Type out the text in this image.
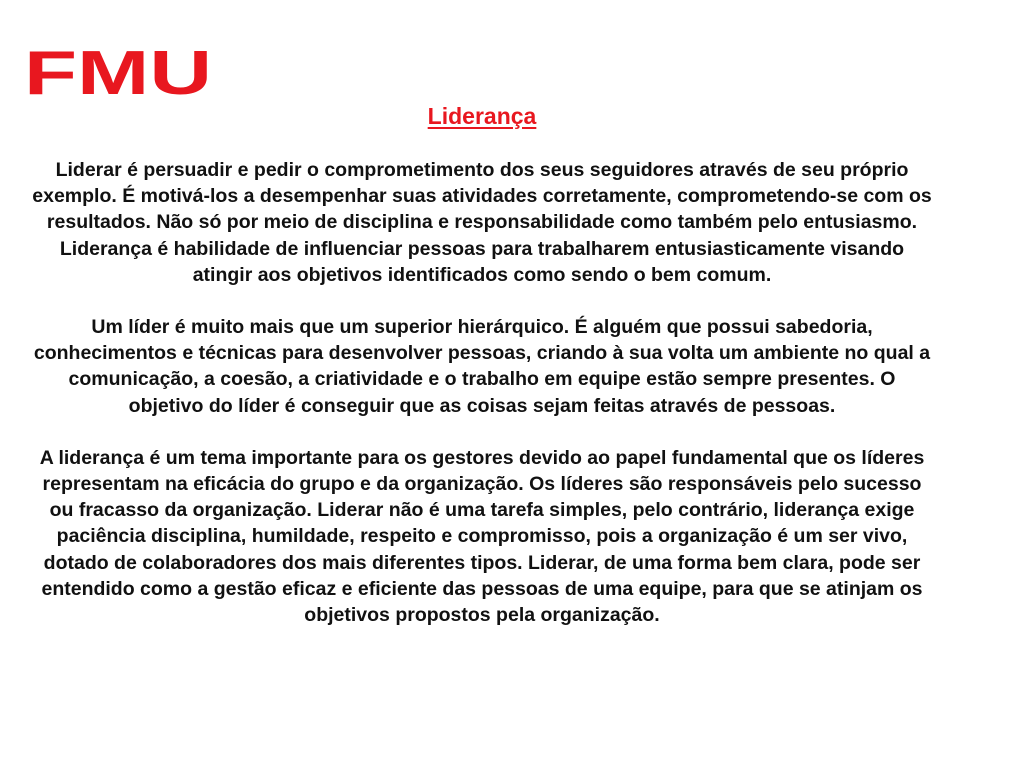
FMU
Liderança

Liderar é persuadir e pedir o comprometimento dos seus seguidores através de seu próprio exemplo. É motivá-los a desempenhar suas atividades corretamente, comprometendo-se com os resultados. Não só por meio de disciplina e responsabilidade como também pelo entusiasmo. Liderança é habilidade de influenciar pessoas para trabalharem entusiasticamente visando atingir aos objetivos identificados como sendo o bem comum.

Um líder é muito mais que um superior hierárquico. É alguém que possui sabedoria, conhecimentos e técnicas para desenvolver pessoas, criando à sua volta um ambiente no qual a comunicação, a coesão, a criatividade e o trabalho em equipe estão sempre presentes. O objetivo do líder é conseguir que as coisas sejam feitas através de pessoas.

A liderança é um tema importante para os gestores devido ao papel fundamental que os líderes representam na eficácia do grupo e da organização. Os líderes são responsáveis pelo sucesso ou fracasso da organização. Liderar não é uma tarefa simples, pelo contrário, liderança exige paciência disciplina, humildade, respeito e compromisso, pois a organização é um ser vivo, dotado de colaboradores dos mais diferentes tipos. Liderar, de uma forma bem clara, pode ser entendido como a gestão eficaz e eficiente das pessoas de uma equipe, para que se atinjam os objetivos propostos pela organização.
